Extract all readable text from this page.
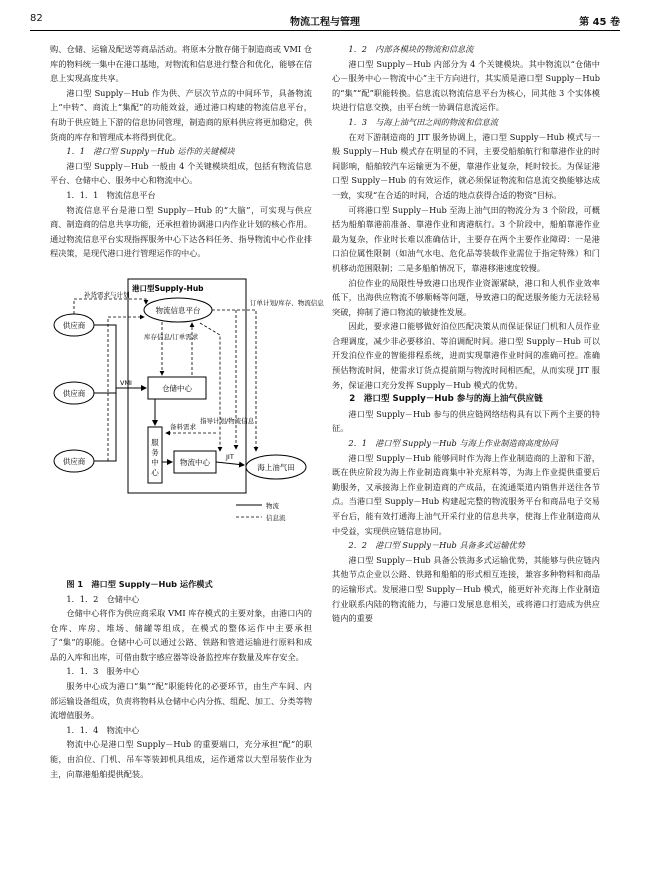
82	物流工程与管理	第 45 卷

购、仓储、运输及配送等商品活动。将原本分散存储于制造商或 VMI 仓库的物料统一集中在港口基地，对物流和信息进行整合和优化，能够在信息上实现高度共享。

港口型 Supply－Hub 作为供、产层次节点的中间环节，具备物流上“中转”、商流上“集配”的功能效益，通过港口构建的物流信息平台，有助于供应链上下游的信息协同管理，制造商的原料供应将更加稳定，供货商的库存和管理成本将得到优化。

1．1　港口型 Supply－Hub 运作的关键模块

港口型 Supply－Hub 一般由 4 个关键模块组成，包括有物流信息平台、仓储中心、服务中心和物流中心。

1．1．1　物流信息平台

物流信息平台是港口型 Supply－Hub 的“大脑”，可实现与供应商、制造商的信息共享功能，还承担着协调港口内作业计划的核心作用。通过物流信息平台实现指挥服务中心下达各料任务、指导物流中心作业排程决策，是现代港口进行管理运作的中心。

港口型Supply-Hub
物流信息平台
供应商
供应商
供应商
仓储中心
服务中心
物流中心
海上油气田
补货需求与计划
库存信息/订单需求
订单计划/库存、物流信息
指导计划/物流信息
备料需求
VMI
JIT
物流
信息流

图 1　港口型 Supply－Hub 运作模式

1．1．2　仓储中心

仓储中心将作为供应商采取 VMI 库存模式的主要对象，由港口内的仓库、库房、堆场、储罐等组成，在模式的整体运作中主要承担了“集”的职能。仓储中心可以通过公路、铁路和管道运输进行原料和成品的入库和出库，可借由数字感应器等设备监控库存数量及库存安全。

1．1．3　服务中心

服务中心成为港口“集”“配”职能转化的必要环节，由生产车间、内部运输设备组成，负责将物料从仓储中心内分拣、组配、加工、分类等物流增值服务。

1．1．4　物流中心

物流中心是港口型 Supply－Hub 的重要端口，充分承担“配”的职能，由泊位、门机、吊车等装卸机具组成，运作通常以大型吊装作业为主，向靠港船舶提供配装。

1．2　内部各模块的物流和信息流

港口型 Supply－Hub 内部分为 4 个关键模块。其中物流以“仓储中心－服务中心－物流中心”主干方向进行，其实质是港口型 Supply－Hub 的“集”“配”职能转换。信息流以物流信息平台为核心，同其他 3 个实体模块进行信息交换，由平台统一协调信息流运作。

1．3　与海上油气田之间的物流和信息流

在对下游制造商的 JIT 服务协调上，港口型 Supply－Hub 模式与一般 Supply－Hub 模式存在明显的不同，主要受船舶航行和靠港作业的时间影响，船舶较汽车运输更为不便，靠港作业复杂，耗时较长。为保证港口型 Supply－Hub 的有效运作，就必须保证物流和信息流交换能够达成一致，实现“在合适的时间，合适的地点获得合适的物资”目标。

可将港口型 Supply－Hub 至海上油气田的物流分为 3 个阶段，可概括为船舶靠港前准备、靠港作业和离港航行。3 个阶段中，船舶靠港作业最为复杂，作业时长难以准确估计，主要存在两个主要作业障碍：一是港口泊位属性限制（如油气水电、危化品等装载作业需位于指定特殊）和门机移动范围限制；二是多船舶情况下，靠港移港速度较慢。

泊位作业的局限性导致港口出现作业资源紧缺，港口和人机作业效率低下，出海供应物流不够顺畅等问题，导致港口的配送服务能力无法轻易突破，抑制了港口物流的敏捷性发展。

因此，要求港口能够做好泊位匹配决策从而保证保证门机和人员作业合理调度，减少非必要移泊、等泊调配时间。港口型 Supply－Hub 可以开发泊位作业的智能排程系统，进而实现靠港作业时间的准确可控。准确预估物流时间，使需求订货点提前期与物流时间相匹配，从而实现 JIT 服务，保证港口充分发挥 Supply－Hub 模式的优势。

2　港口型 Supply－Hub 参与的海上油气供应链

港口型 Supply－Hub 参与的供应链网络结构具有以下两个主要的特征。

2．1　港口型 Supply－Hub 与海上作业制造商高度协同

港口型 Supply－Hub 能够同时作为海上作业制造商的上游和下游，既在供应阶段为海上作业制造商集中补充原料等，为海上作业提供重要后勤服务，又承接海上作业制造商的产成品，在流通渠道内销售并送往各节点。当港口型 Supply－Hub 构建起完整的物流服务平台和商品电子交易平台后，能有效打通海上油气开采行业的信息共享，使海上作业制造商从中受益，实现供应链信息协同。

2．2　港口型 Supply－Hub 具备多式运输优势

港口型 Supply－Hub 具备公铁海多式运输优势，其能够与供应链内其他节点企业以公路、铁路和船舶的形式相互连接，兼容多种物料和商品的运输形式。发展港口型 Supply－Hub 模式，能更好补充海上作业制造行业联系内陆的物流能力，与港口发展息息相关，或将港口打造成为供应链内的重要
